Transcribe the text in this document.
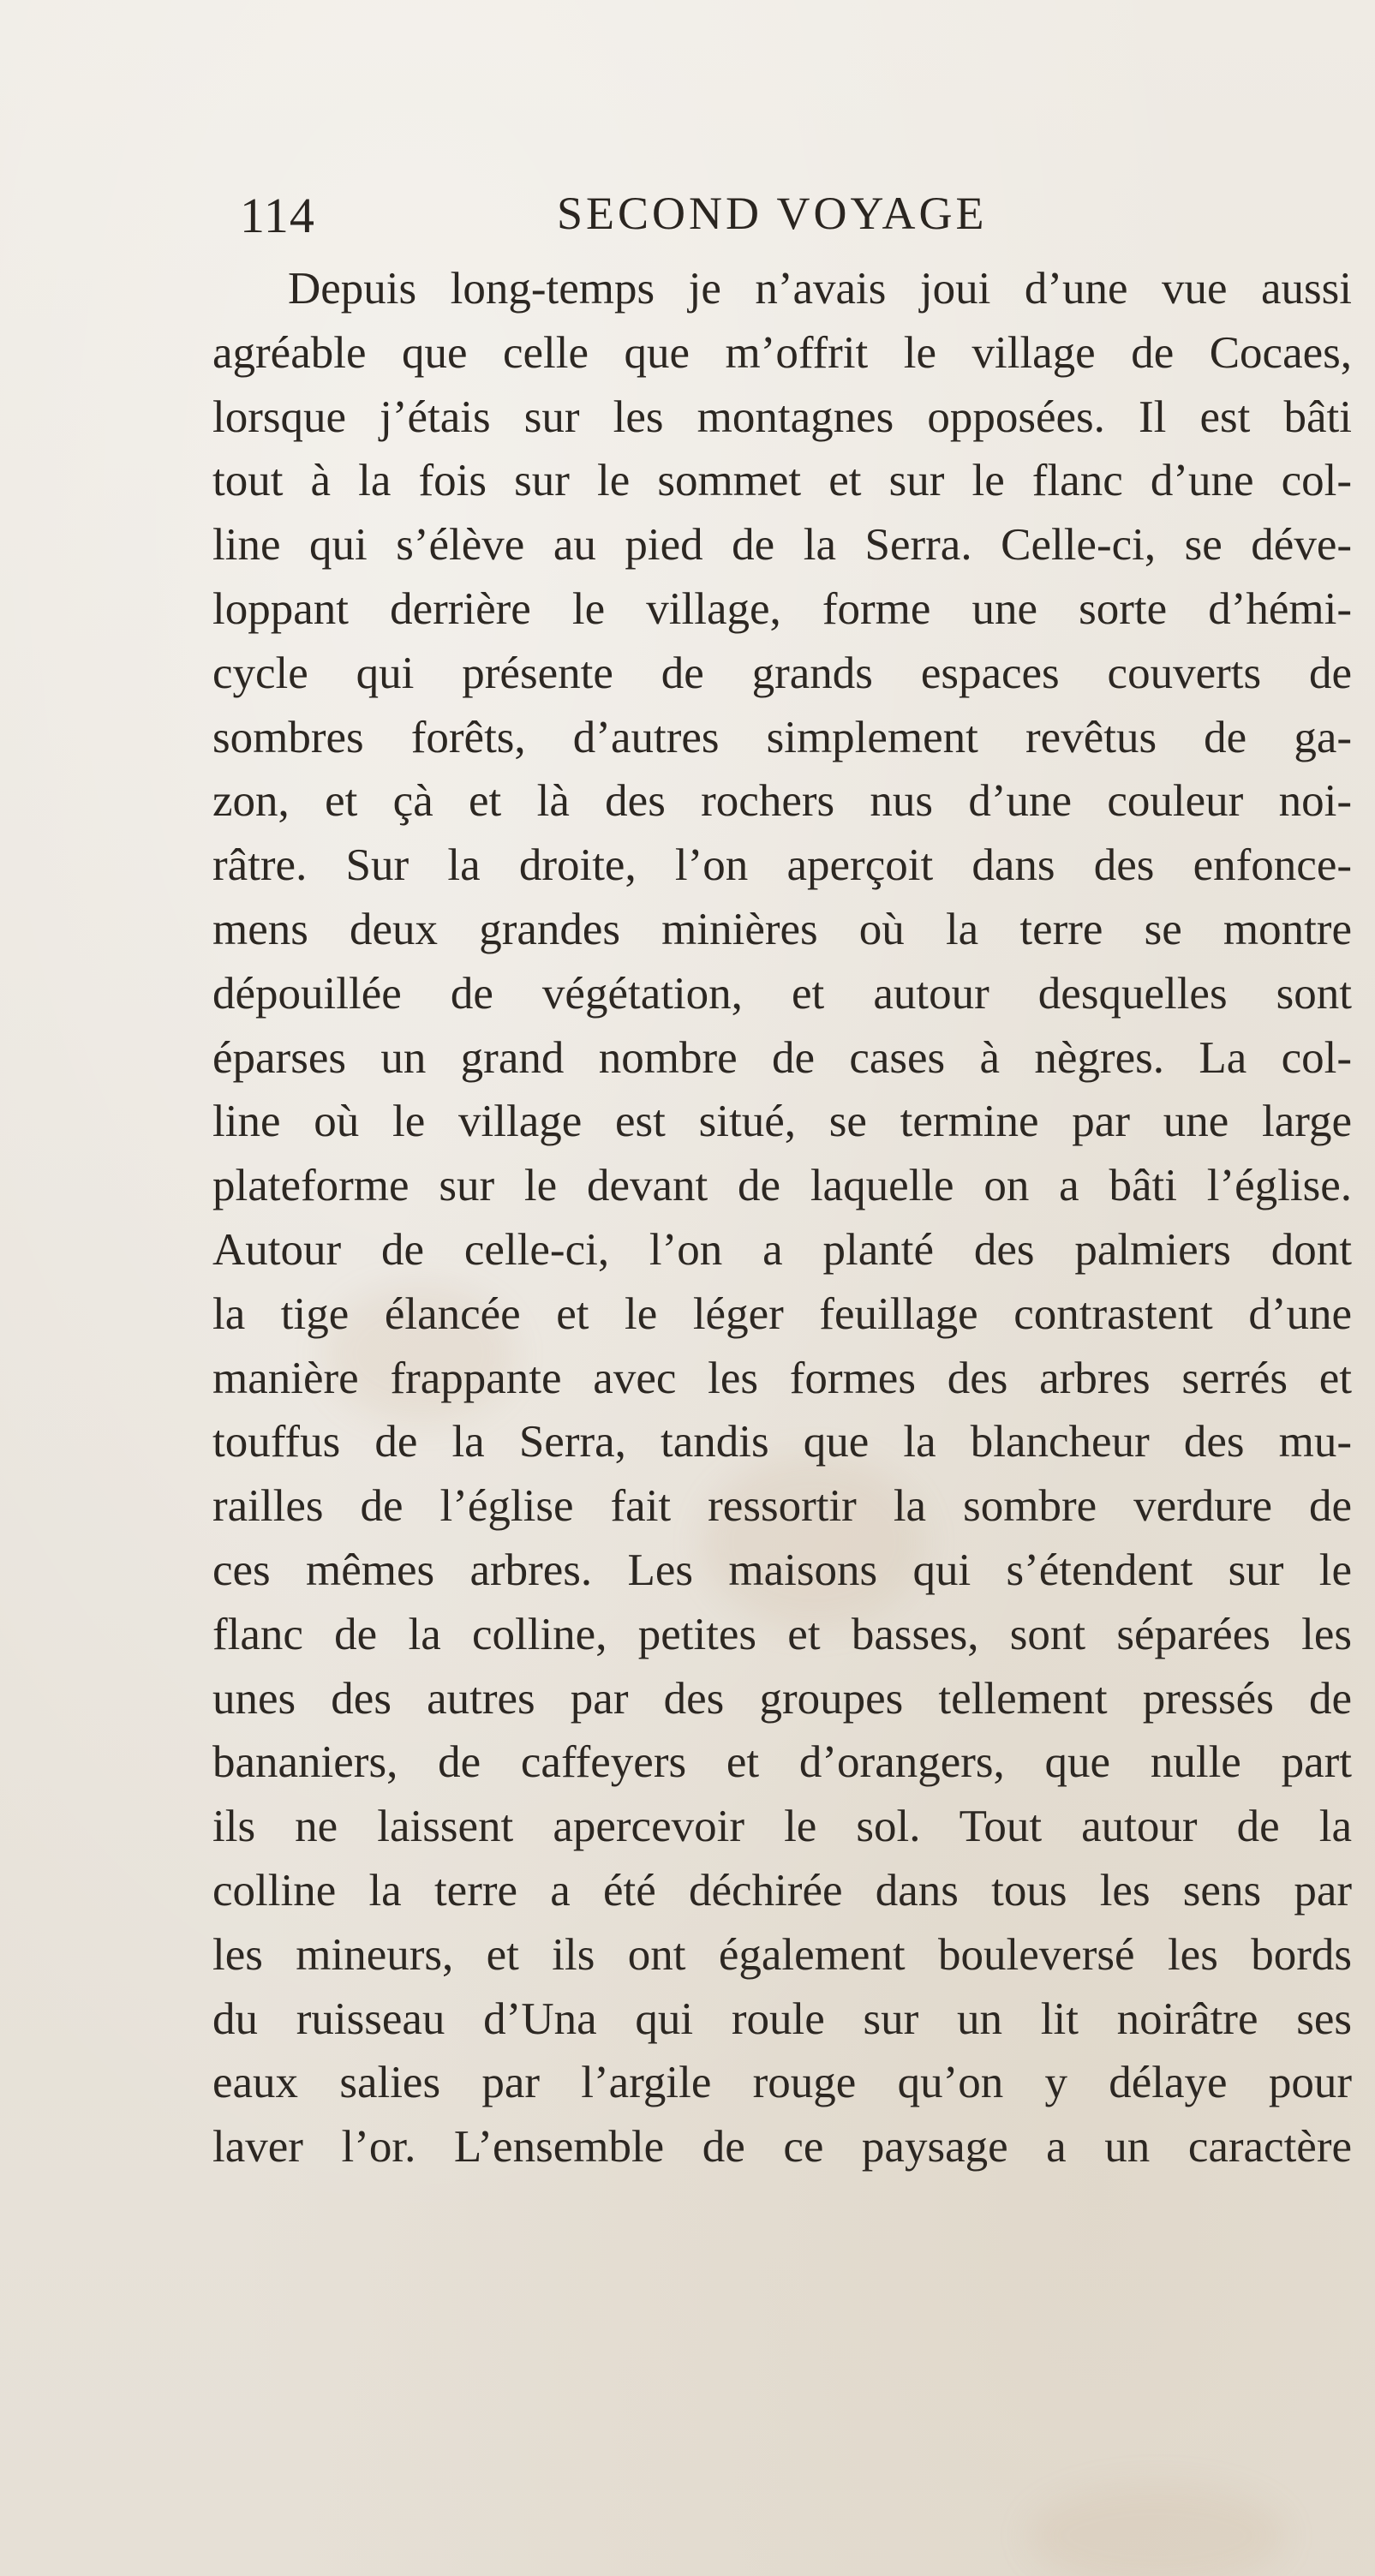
114	SECOND VOYAGE
Depuis long-temps je n’avais joui d’une vue aussi
agréable que celle que m’offrit le village de Cocaes,
lorsque j’étais sur les montagnes opposées. Il est bâti
tout à la fois sur le sommet et sur le flanc d’une col-
line qui s’élève au pied de la Serra. Celle-ci, se déve-
loppant derrière le village, forme une sorte d’hémi-
cycle qui présente de grands espaces couverts de
sombres forêts, d’autres simplement revêtus de ga-
zon, et çà et là des rochers nus d’une couleur noi-
râtre. Sur la droite, l’on aperçoit dans des enfonce-
mens deux grandes minières où la terre se montre
dépouillée de végétation, et autour desquelles sont
éparses un grand nombre de cases à nègres. La col-
line où le village est situé, se termine par une large
plateforme sur le devant de laquelle on a bâti l’église.
Autour de celle-ci, l’on a planté des palmiers dont
la tige élancée et le léger feuillage contrastent d’une
manière frappante avec les formes des arbres serrés et
touffus de la Serra, tandis que la blancheur des mu-
railles de l’église fait ressortir la sombre verdure de
ces mêmes arbres. Les maisons qui s’étendent sur le
flanc de la colline, petites et basses, sont séparées les
unes des autres par des groupes tellement pressés de
bananiers, de caffeyers et d’orangers, que nulle part
ils ne laissent apercevoir le sol. Tout autour de la
colline la terre a été déchirée dans tous les sens par
les mineurs, et ils ont également bouleversé les bords
du ruisseau d’Una qui roule sur un lit noirâtre ses
eaux salies par l’argile rouge qu’on y délaye pour
laver l’or. L’ensemble de ce paysage a un caractère
